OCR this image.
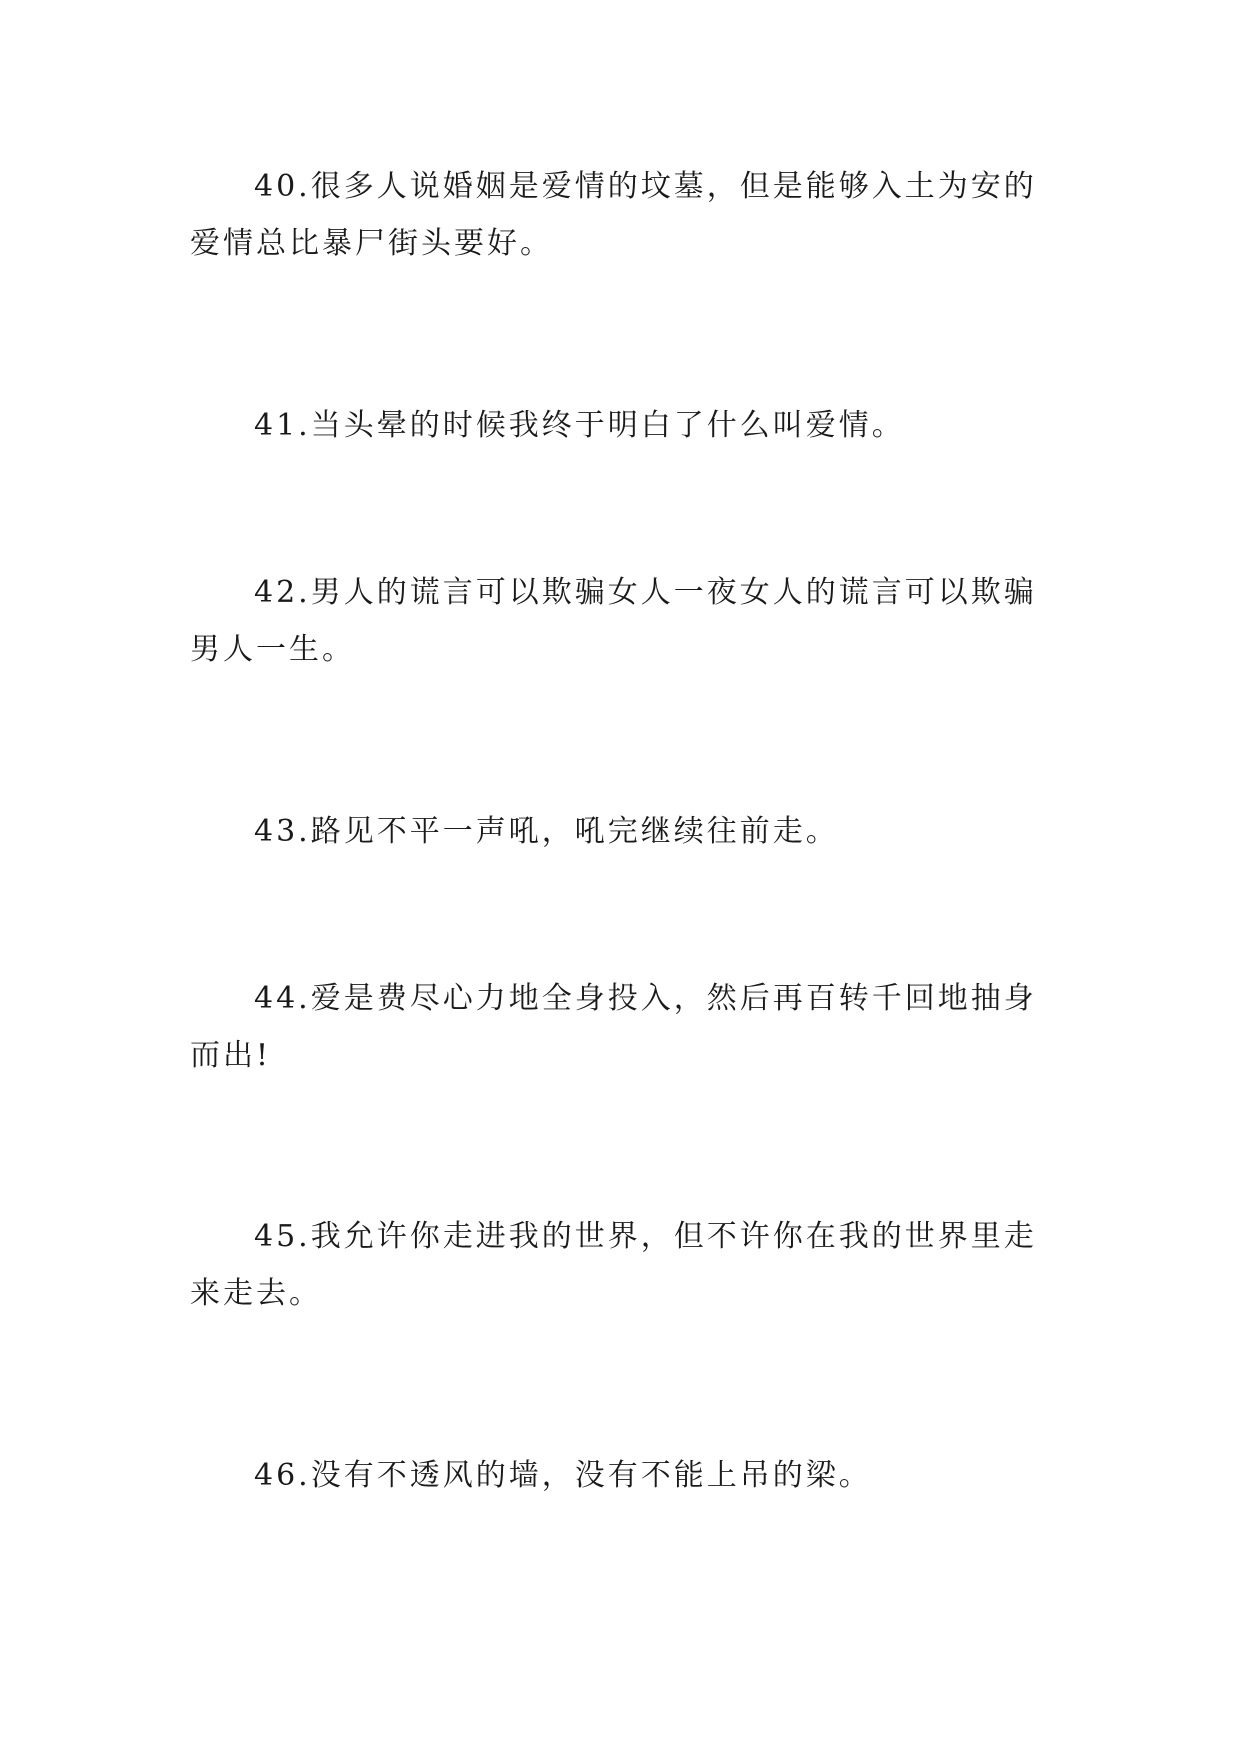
40.很多人说婚姻是爱情的坟墓，但是能够入土为安的爱情总比暴尸街头要好。

41.当头晕的时候我终于明白了什么叫爱情。

42.男人的谎言可以欺骗女人一夜女人的谎言可以欺骗男人一生。

43.路见不平一声吼，吼完继续往前走。

44.爱是费尽心力地全身投入，然后再百转千回地抽身而出!

45.我允许你走进我的世界，但不许你在我的世界里走来走去。

46.没有不透风的墙，没有不能上吊的梁。
